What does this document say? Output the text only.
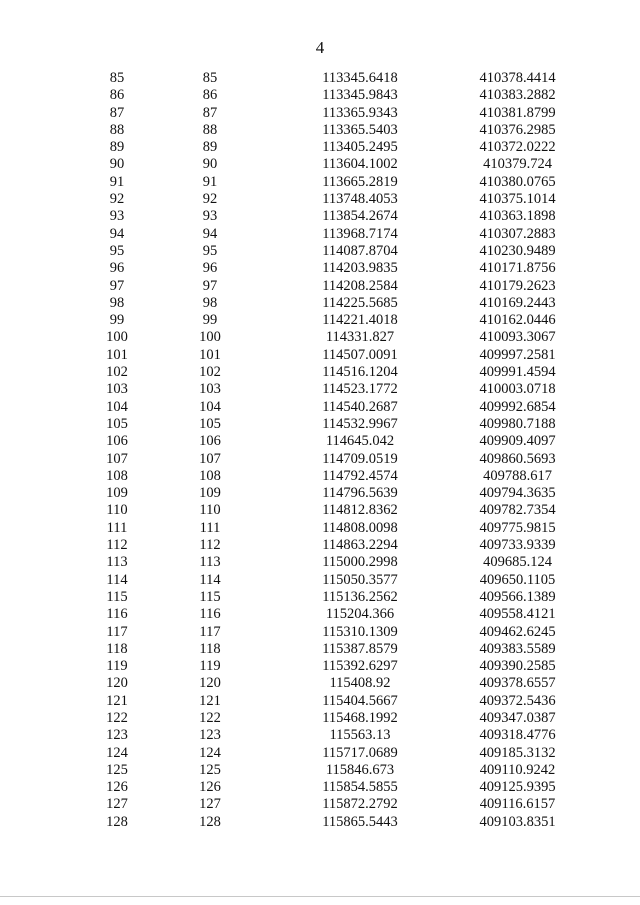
4
85	85	113345.6418	410378.4414
86	86	113345.9843	410383.2882
87	87	113365.9343	410381.8799
88	88	113365.5403	410376.2985
89	89	113405.2495	410372.0222
90	90	113604.1002	410379.724
91	91	113665.2819	410380.0765
92	92	113748.4053	410375.1014
93	93	113854.2674	410363.1898
94	94	113968.7174	410307.2883
95	95	114087.8704	410230.9489
96	96	114203.9835	410171.8756
97	97	114208.2584	410179.2623
98	98	114225.5685	410169.2443
99	99	114221.4018	410162.0446
100	100	114331.827	410093.3067
101	101	114507.0091	409997.2581
102	102	114516.1204	409991.4594
103	103	114523.1772	410003.0718
104	104	114540.2687	409992.6854
105	105	114532.9967	409980.7188
106	106	114645.042	409909.4097
107	107	114709.0519	409860.5693
108	108	114792.4574	409788.617
109	109	114796.5639	409794.3635
110	110	114812.8362	409782.7354
111	111	114808.0098	409775.9815
112	112	114863.2294	409733.9339
113	113	115000.2998	409685.124
114	114	115050.3577	409650.1105
115	115	115136.2562	409566.1389
116	116	115204.366	409558.4121
117	117	115310.1309	409462.6245
118	118	115387.8579	409383.5589
119	119	115392.6297	409390.2585
120	120	115408.92	409378.6557
121	121	115404.5667	409372.5436
122	122	115468.1992	409347.0387
123	123	115563.13	409318.4776
124	124	115717.0689	409185.3132
125	125	115846.673	409110.9242
126	126	115854.5855	409125.9395
127	127	115872.2792	409116.6157
128	128	115865.5443	409103.8351
